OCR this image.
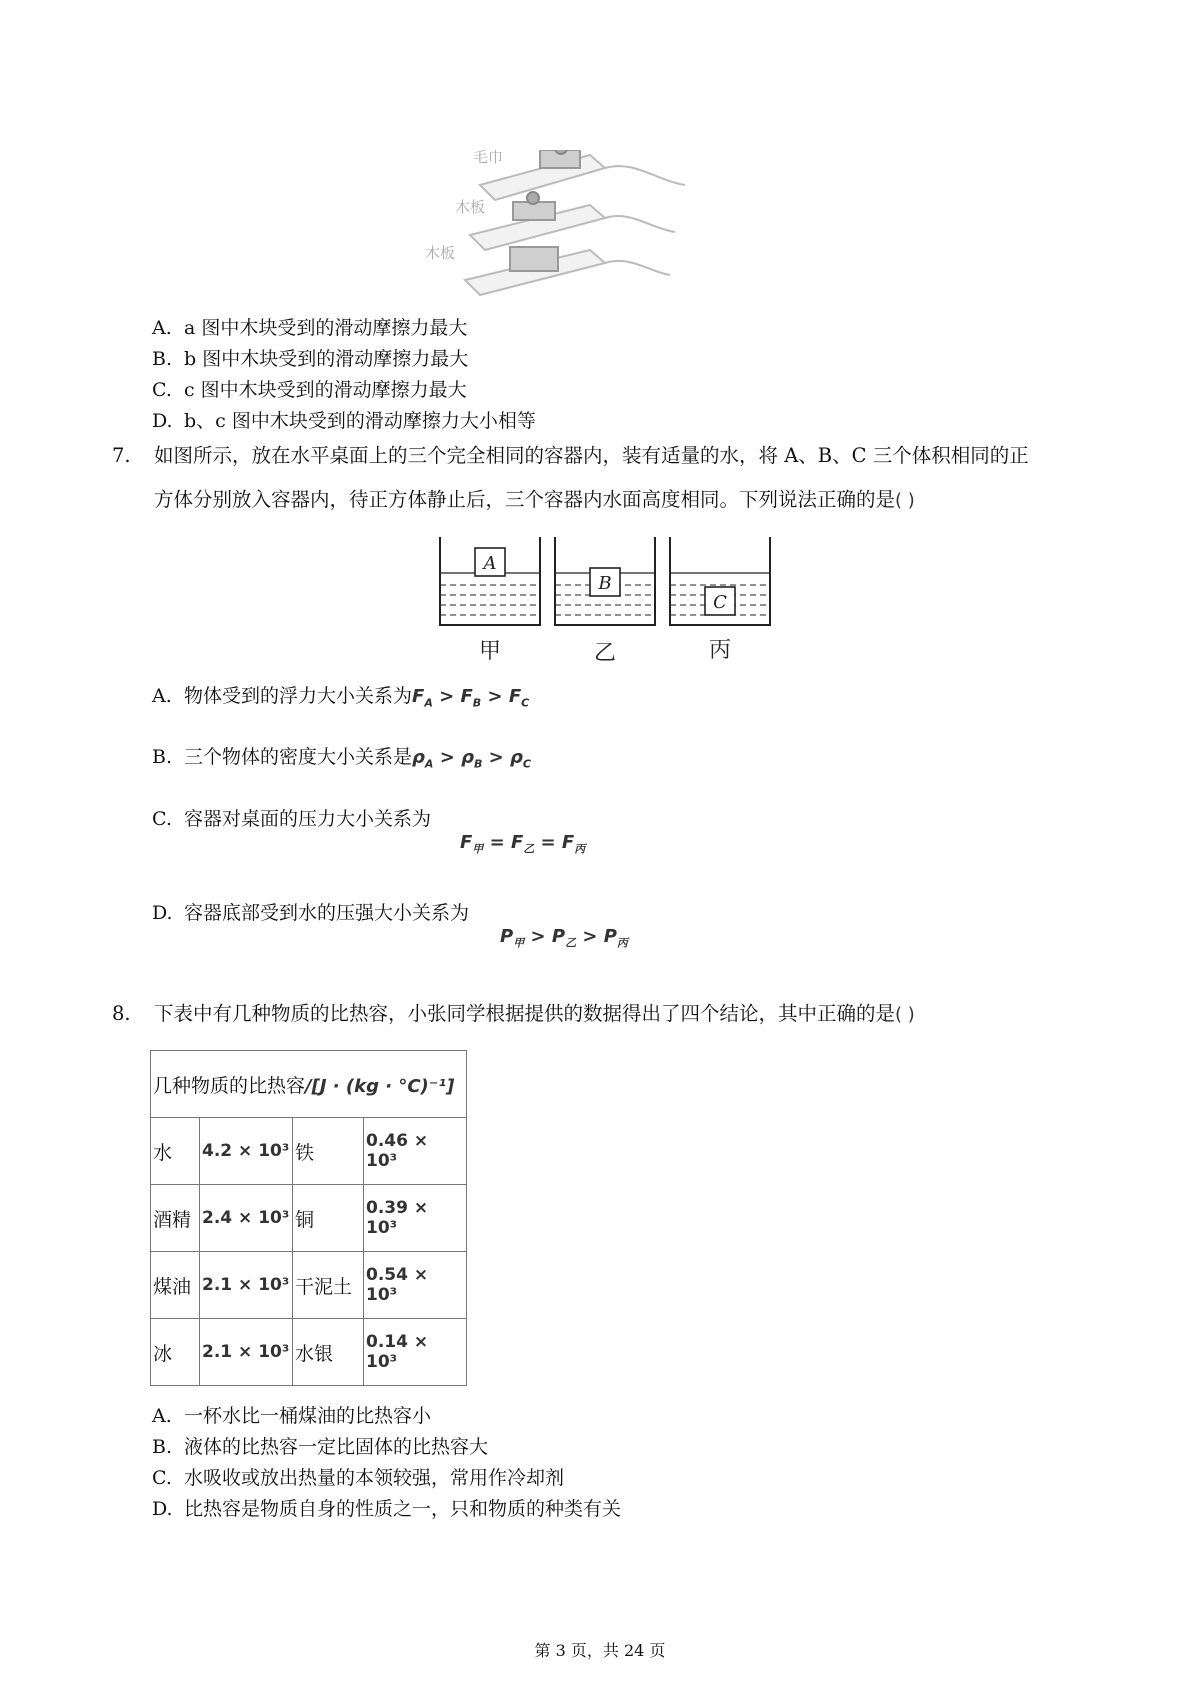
毛巾
木板
木板
A. a 图中木块受到的滑动摩擦力最大
B. b 图中木块受到的滑动摩擦力最大
C. c 图中木块受到的滑动摩擦力最大
D. b、c 图中木块受到的滑动摩擦力大小相等
7. 如图所示，放在水平桌面上的三个完全相同的容器内，装有适量的水，将 A、B、C 三个体积相同的正
方体分别放入容器内，待正方体静止后，三个容器内水面高度相同。下列说法正确的是( )
A
B
C
甲	乙	丙
A. 物体受到的浮力大小关系为$F_A > F_B > F_C$
B. 三个物体的密度大小关系是$\rho_A > \rho_B > \rho_C$
C. 容器对桌面的压力大小关系为
$F_甲 = F_乙 = F_丙$
D. 容器底部受到水的压强大小关系为
$P_甲 > P_乙 > P_丙$
8. 下表中有几种物质的比热容，小张同学根据提供的数据得出了四个结论，其中正确的是( )
几种物质的比热容/[J · (kg · °C)⁻¹]			
水	4.2 × 10³	铁	0.46 × 10³
酒精	2.4 × 10³	铜	0.39 × 10³
煤油	2.1 × 10³	干泥土	0.54 × 10³
冰	2.1 × 10³	水银	0.14 × 10³
A. 一杯水比一桶煤油的比热容小
B. 液体的比热容一定比固体的比热容大
C. 水吸收或放出热量的本领较强，常用作冷却剂
D. 比热容是物质自身的性质之一，只和物质的种类有关
第 3 页，共 24 页
